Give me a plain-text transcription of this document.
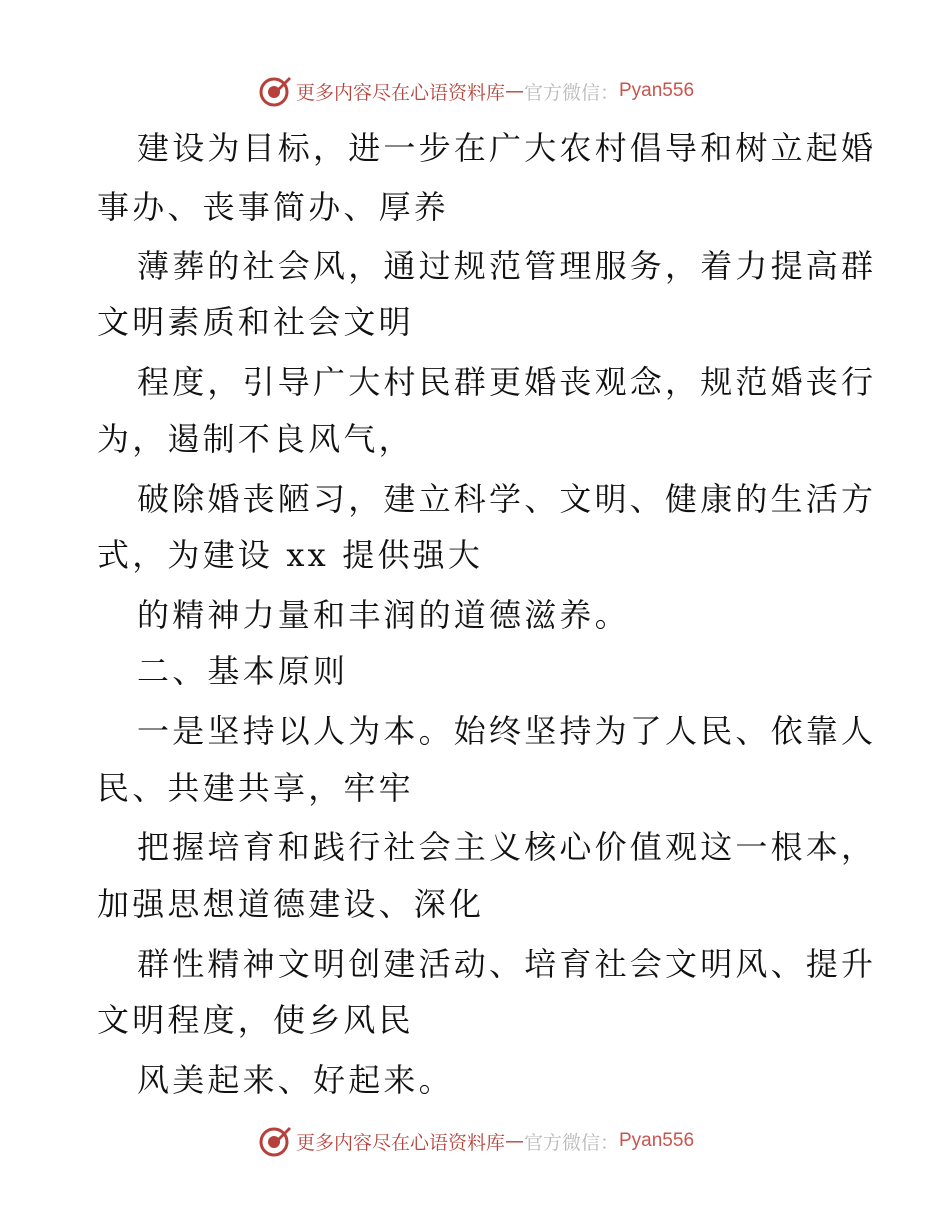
更多内容尽在心语资料库 — 官方微信： Pyan556
建设为目标，进一步在广大农村倡导和树立起婚
事办、丧事简办、厚养
薄葬的社会风，通过规范管理服务，着力提高群
文明素质和社会文明
程度，引导广大村民群更婚丧观念，规范婚丧行
为，遏制不良风气，
破除婚丧陋习，建立科学、文明、健康的生活方
式，为建设 xx 提供强大
的精神力量和丰润的道德滋养。
二、基本原则
一是坚持以人为本。始终坚持为了人民、依靠人
民、共建共享，牢牢
把握培育和践行社会主义核心价值观这一根本，
加强思想道德建设、深化
群性精神文明创建活动、培育社会文明风、提升
文明程度，使乡风民
风美起来、好起来。
更多内容尽在心语资料库 — 官方微信： Pyan556
